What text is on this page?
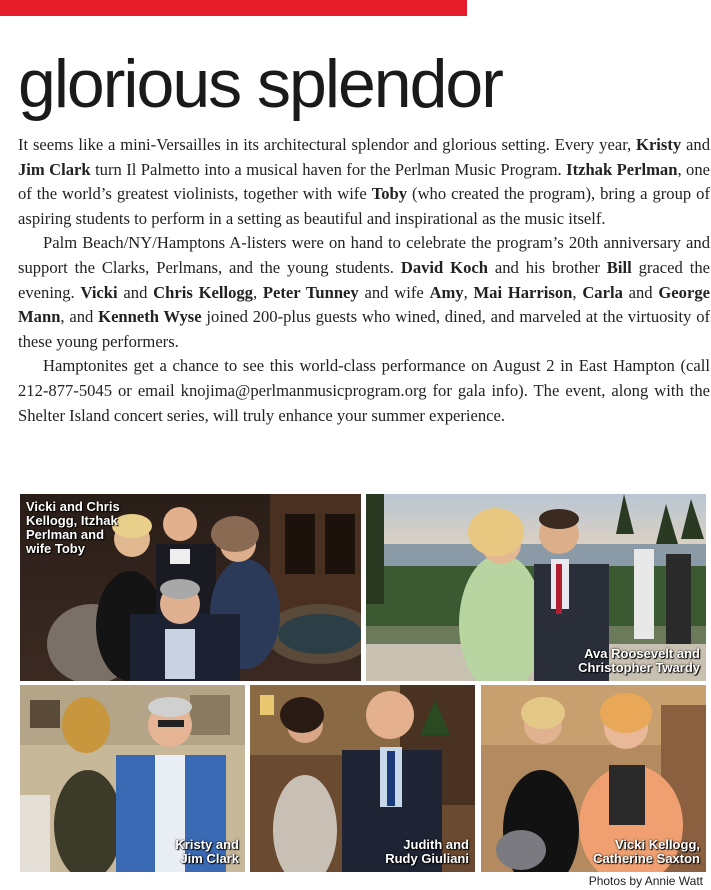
glorious splendor

It seems like a mini-Versailles in its architectural splendor and glorious setting. Every year, Kristy and Jim Clark turn Il Palmetto into a musical haven for the Perlman Music Program. Itzhak Perlman, one of the world’s greatest violinists, together with wife Toby (who created the program), bring a group of aspiring students to perform in a setting as beautiful and inspirational as the music itself.

Palm Beach/NY/Hamptons A-listers were on hand to celebrate the program’s 20th anniversary and support the Clarks, Perlmans, and the young students. David Koch and his brother Bill graced the evening. Vicki and Chris Kellogg, Peter Tunney and wife Amy, Mai Harrison, Carla and George Mann, and Kenneth Wyse joined 200-plus guests who wined, dined, and marveled at the virtuosity of these young performers.

Hamptonites get a chance to see this world-class performance on August 2 in East Hampton (call 212-877-5045 or email knojima@perlmanmusicprogram.org for gala info). The event, along with the Shelter Island concert series, will truly enhance your summer experience.

Vicki and Chris
Kellogg, Itzhak
Perlman and
wife Toby
Ava Roosevelt and
Christopher Twardy
Kristy and
Jim Clark
Judith and
Rudy Giuliani
Vicki Kellogg,
Catherine Saxton
Photos by Annie Watt
